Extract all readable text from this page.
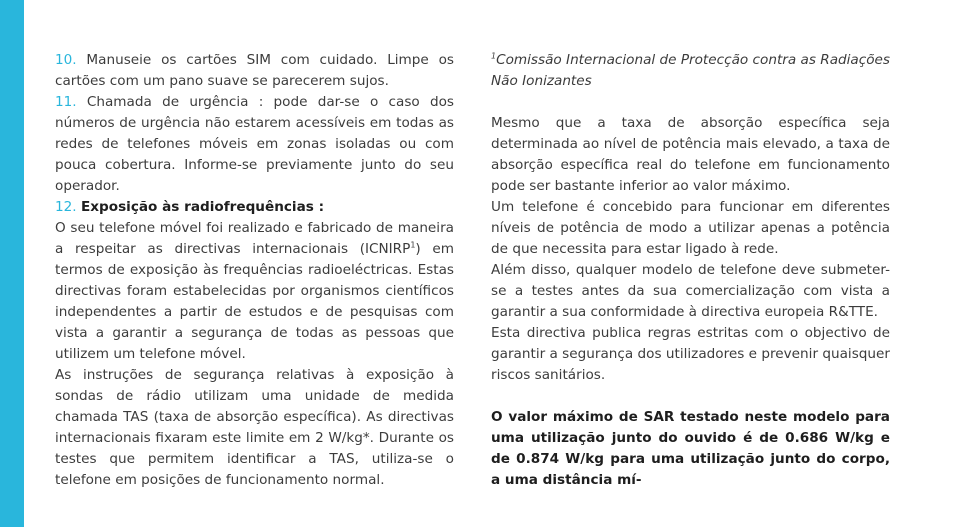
10. Manuseie os cartões SIM com cuidado. Limpe os cartões com um pano suave se parecerem sujos.

11. Chamada de urgência : pode dar-se o caso dos números de urgência não estarem acessíveis em todas as redes de telefones móveis em zonas isoladas ou com pouca cobertura. Informe-se previamente junto do seu operador.

12. Exposição às radiofrequências :

O seu telefone móvel foi realizado e fabricado de maneira a respeitar as directivas internacionais (ICNIRP$^1$) em termos de exposição às frequências radioeléctricas. Estas directivas foram estabelecidas por organismos científicos independentes a partir de estudos e de pesquisas com vista a garantir a segurança de todas as pessoas que utilizem um telefone móvel.

As instruções de segurança relativas à exposição à sondas de rádio utilizam uma unidade de medida chamada TAS (taxa de absorção específica). As directivas internacionais fixaram este limite em 2 W/kg*. Durante os testes que permitem identificar a TAS, utiliza-se o telefone em posições de funcionamento normal.

$^1$Comissão Internacional de Protecção contra as Radiações Não Ionizantes

Mesmo que a taxa de absorção específica seja determinada ao nível de potência mais elevado, a taxa de absorção específica real do telefone em funcionamento pode ser bastante inferior ao valor máximo.

Um telefone é concebido para funcionar em diferentes níveis de potência de modo a utilizar apenas a potência de que necessita para estar ligado à rede.

Além disso, qualquer modelo de telefone deve submeter-se a testes antes da sua comercialização com vista a garantir a sua conformidade à directiva europeia R&TTE.

Esta directiva publica regras estritas com o objectivo de garantir a segurança dos utilizadores e prevenir quaisquer riscos sanitários.

O valor máximo de SAR testado neste modelo para uma utilização junto do ouvido é de 0.686 W/kg e de 0.874 W/kg para uma utilização junto do corpo, a uma distância mí-
